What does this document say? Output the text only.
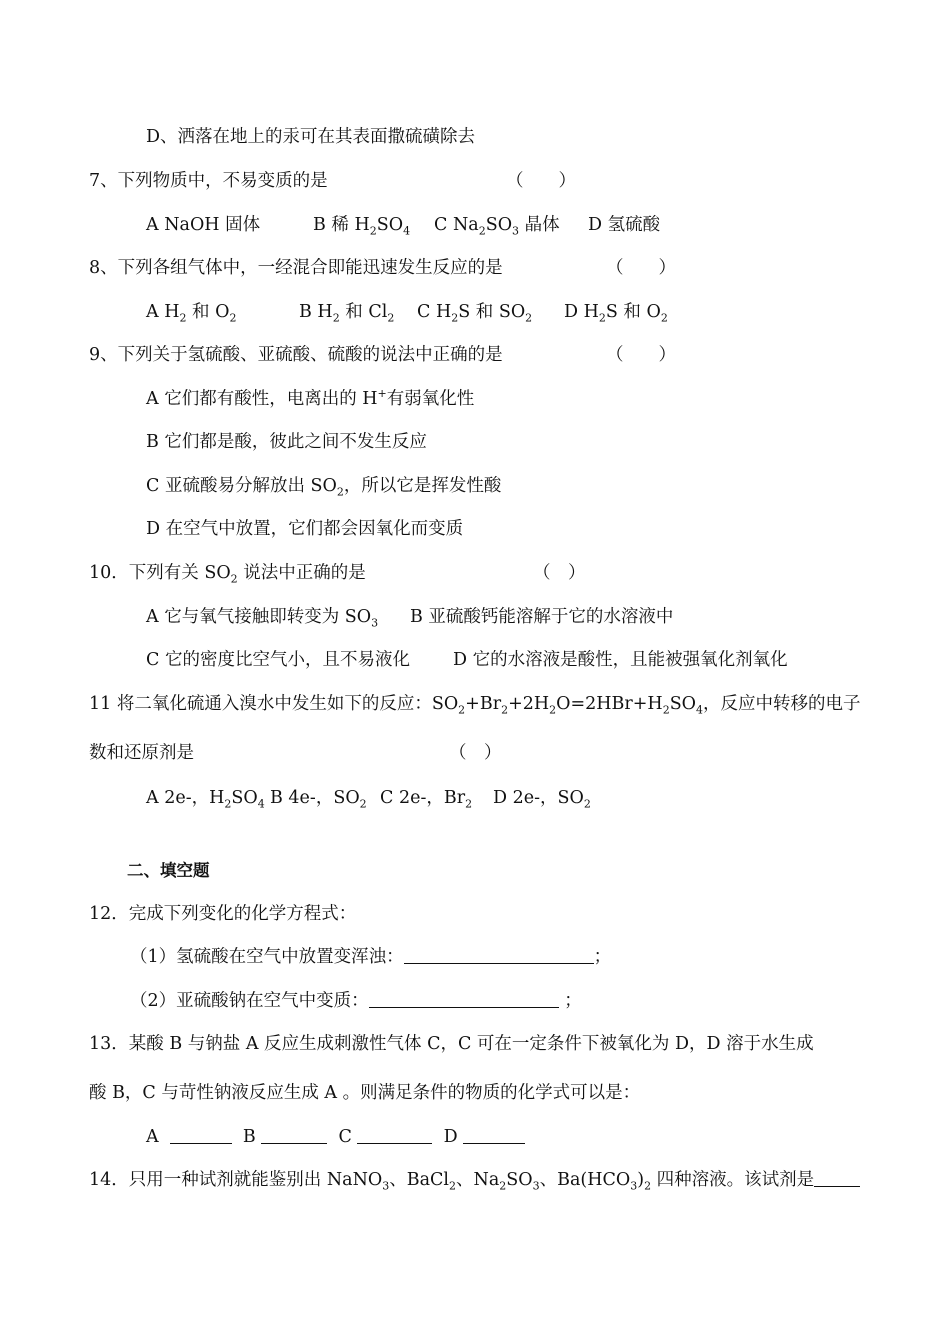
D、洒落在地上的汞可在其表面撒硫磺除去
7、下列物质中，不易变质的是	（　　）
A NaOH 固体	B 稀 $H_2SO_4$ C $Na_2SO_3$ 晶体 D 氢硫酸
8、下列各组气体中，一经混合即能迅速发生反应的是	（　　）
A $H_2$ 和 $O_2$	B $H_2$ 和 $Cl_2$ C $H_2S$ 和 $SO_2$ D $H_2S$ 和 $O_2$
9、下列关于氢硫酸、亚硫酸、硫酸的说法中正确的是	（　　）
A 它们都有酸性，电离出的 H+有弱氧化性
B 它们都是酸，彼此之间不发生反应
C 亚硫酸易分解放出 $SO_2$，所以它是挥发性酸
D 在空气中放置，它们都会因氧化而变质
10．下列有关 $SO_2$ 说法中正确的是	（　）
A 它与氧气接触即转变为 $SO_3$ B 亚硫酸钙能溶解于它的水溶液中
C 它的密度比空气小，且不易液化 D 它的水溶液是酸性，且能被强氧化剂氧化
11 将二氧化硫通入溴水中发生如下的反应：$SO_2+Br_2+2H_2O=2HBr+H_2SO_4$，反应中转移的电子
数和还原剂是	（　）
A 2e-，$H_2SO_4$ B 4e-，$SO_2$ C 2e-，$Br_2$ D 2e-，$SO_2$
二、填空题
12．完成下列变化的化学方程式：
（1）氢硫酸在空气中放置变浑浊：	；
（2）亚硫酸钠在空气中变质：	；
13．某酸 B 与钠盐 A 反应生成刺激性气体 C，C 可在一定条件下被氧化为 D，D 溶于水生成
酸 B，C 与苛性钠液反应生成 A 。则满足条件的物质的化学式可以是：
A	B	C	D
14．只用一种试剂就能鉴别出 NaNO$_3$、BaCl$_2$、$Na_2SO_3$、$Ba(HCO_3)_2$ 四种溶液。该试剂是
